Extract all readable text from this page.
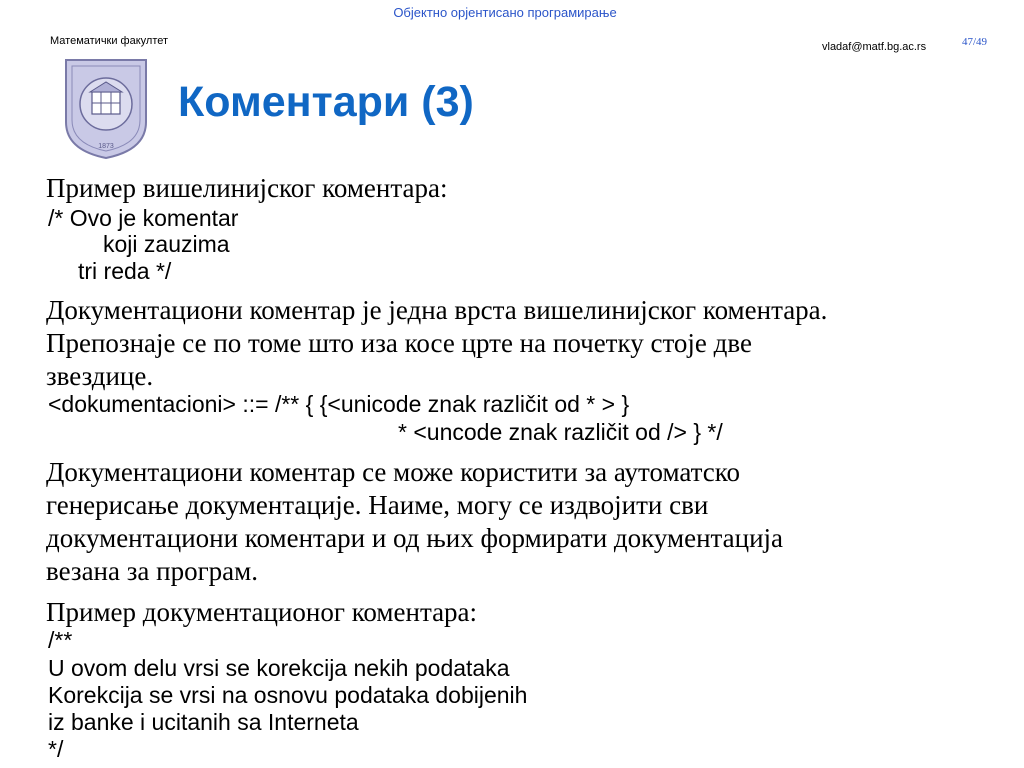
Објектно орјентисано програмирање
Математички факултет	vladaf@matf.bg.ac.rs	47/49
1873
Коментари (3)

Пример вишелинијског коментара:

/* Ovo je komentar

koji zauzima

tri reda */

Документациони коментар је једна врста вишелинијског коментара.

Препознаје се по томе што иза косе црте на почетку стоје две

звездице.

<dokumentacioni> ::= /** { {<unicode znak različit od * > }

* <uncode znak različit od /> } */

Документациони коментар се може користити за аутоматско

генерисање документације. Наиме, могу се издвојити сви

документациони коментари и од њих формирати документација

везана за програм.

Пример документационог коментара:

/**

U ovom delu vrsi se korekcija nekih podataka

Korekcija se vrsi na osnovu podataka dobijenih

iz banke i ucitanih sa Interneta

*/
